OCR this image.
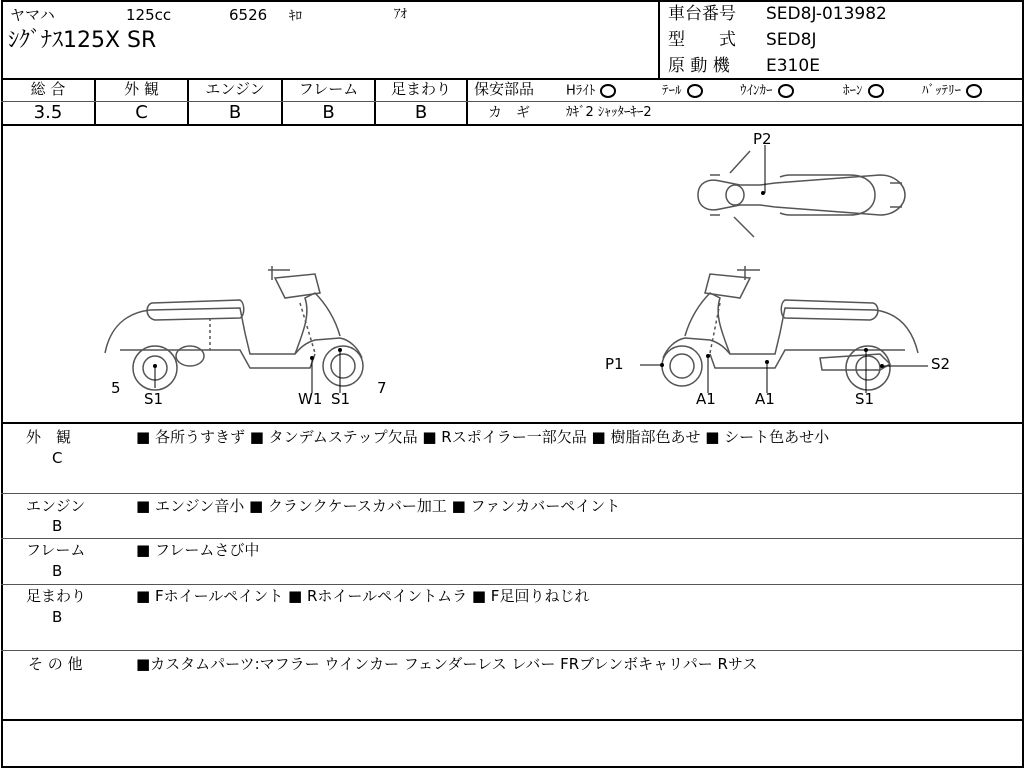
ヤマハ	125cc	6526 ｷﾛ	ｱｵ
ｼｸﾞﾅｽ125X SR
車台番号 SED8J-013982
型　　式 SED8J
原 動 機 E310E
総 合	外 観	エンジン	フレーム	足まわり
3.5	C	B	B	B
保安部品 Hﾗｲﾄ	ﾃｰﾙ	ｳｲﾝｶｰ	ﾎｰﾝ	ﾊﾞｯﾃﾘｰ
カ　ギ	ｶｷﾞ2 ｼｬｯﾀｰｷｰ2
P2
5
S1	W1 S1
7
P1
A1	A1	S1
S2
外　観
C
■ 各所うすきず ■ タンデムステップ欠品 ■ Rスポイラー一部欠品 ■ 樹脂部色あせ ■ シート色あせ小
エンジン
B
■ エンジン音小 ■ クランクケースカバー加工 ■ ファンカバーペイント
フレーム
B
■ フレームさび中
足まわり
B
■ Fホイールペイント ■ Rホイールペイントムラ ■ F足回りねじれ
そ の 他	■カスタムパーツ:マフラー ウインカー フェンダーレス レバー FRブレンボキャリパー Rサス
